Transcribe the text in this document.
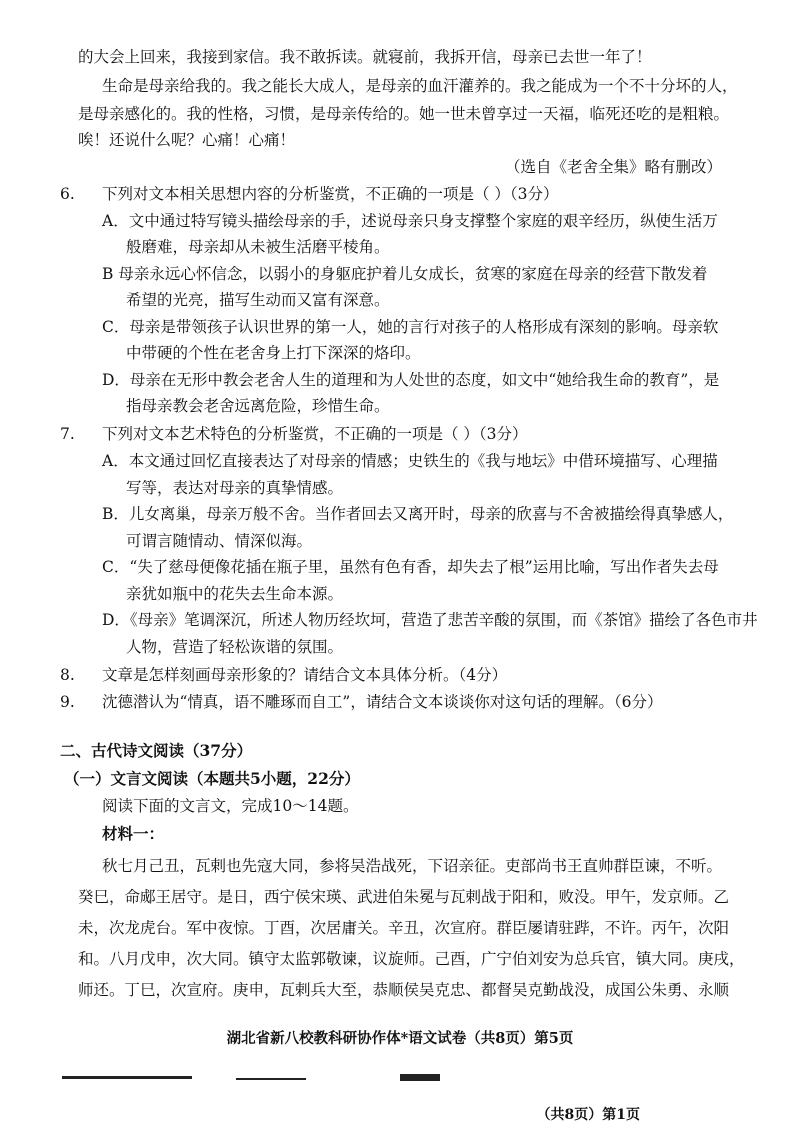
的大会上回来，我接到家信。我不敢拆读。就寝前，我拆开信，母亲已去世一年了！
生命是母亲给我的。我之能长大成人，是母亲的血汗灌养的。我之能成为一个不十分坏的人，
是母亲感化的。我的性格，习惯，是母亲传给的。她一世未曾享过一天福，临死还吃的是粗粮。
唉！还说什么呢？心痛！心痛！
（选自《老舍全集》略有删改）
6. 下列对文本相关思想内容的分析鉴赏，不正确的一项是（ ）（3分）
A．文中通过特写镜头描绘母亲的手，述说母亲只身支撑整个家庭的艰辛经历，纵使生活万
般磨难，母亲却从未被生活磨平棱角。
B 母亲永远心怀信念，以弱小的身躯庇护着儿女成长，贫寒的家庭在母亲的经营下散发着
希望的光亮，描写生动而又富有深意。
C．母亲是带领孩子认识世界的第一人，她的言行对孩子的人格形成有深刻的影响。母亲软
中带硬的个性在老舍身上打下深深的烙印。
D．母亲在无形中教会老舍人生的道理和为人处世的态度，如文中“她给我生命的教育”，是
指母亲教会老舍远离危险，珍惜生命。
7. 下列对文本艺术特色的分析鉴赏，不正确的一项是（ ）（3分）
A．本文通过回忆直接表达了对母亲的情感；史铁生的《我与地坛》中借环境描写、心理描
写等，表达对母亲的真挚情感。
B．儿女离巢，母亲万般不舍。当作者回去又离开时，母亲的欣喜与不舍被描绘得真挚感人，
可谓言随情动、情深似海。
C．“失了慈母便像花插在瓶子里，虽然有色有香，却失去了根”运用比喻，写出作者失去母
亲犹如瓶中的花失去生命本源。
D．《母亲》笔调深沉，所述人物历经坎坷，营造了悲苦辛酸的氛围，而《茶馆》描绘了各色市井
人物，营造了轻松诙谐的氛围。
8. 文章是怎样刻画母亲形象的？请结合文本具体分析。（4分）
9. 沈德潜认为“情真，语不雕琢而自工”，请结合文本谈谈你对这句话的理解。（6分）
二、古代诗文阅读（37分）
（一）文言文阅读（本题共5小题，22分）
阅读下面的文言文，完成10～14题。
材料一：
秋七月己丑，瓦剌也先寇大同，参将吴浩战死，下诏亲征。吏部尚书王直帅群臣谏，不听。
癸巳，命郕王居守。是日，西宁侯宋瑛、武进伯朱冕与瓦剌战于阳和，败没。甲午，发京师。乙
未，次龙虎台。军中夜惊。丁酉，次居庸关。辛丑，次宣府。群臣屡请驻跸，不许。丙午，次阳
和。八月戊申，次大同。镇守太监郭敬谏，议旋师。己酉，广宁伯刘安为总兵官，镇大同。庚戌，
师还。丁巳，次宣府。庚申，瓦剌兵大至，恭顺侯吴克忠、都督吴克勤战没，成国公朱勇、永顺
湖北省新八校教科研协作体*语文试卷（共8页）第5页
（共8页）第1页
